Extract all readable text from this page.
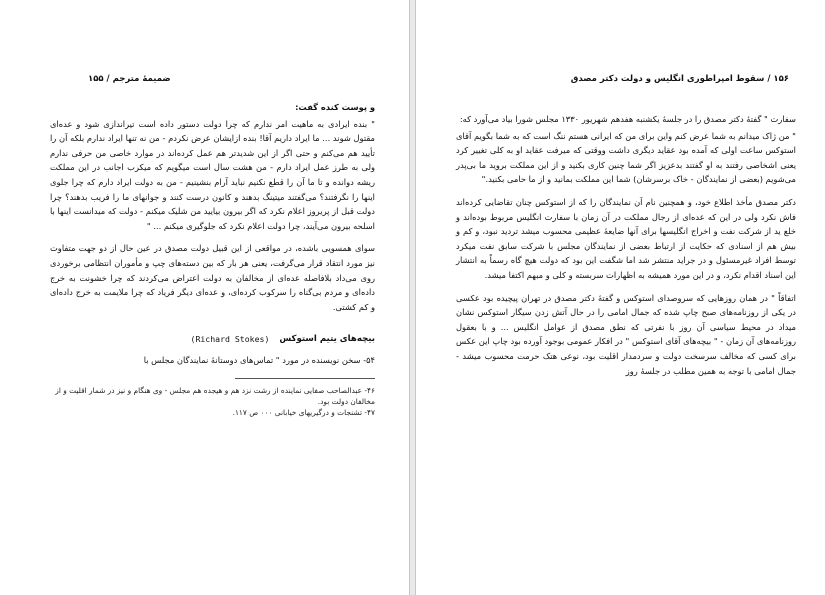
ضمیمهٔ مترجم / ۱۵۵
و پوست کنده گفت:
" بنده ایرادی به ماهیت امر ندارم که چرا دولت دستور داده است تیراندازی شود و عده‌ای مقتول شوند ... ما ایراد داریم آقا! بنده ازایشان عرض نکردم - من نه تنها ایراد ندارم بلکه آن را تأیید هم می‌کنم و حتی اگر از این شدیدتر هم عمل کرده‌اند در موارد خاصی من حرفی ندارم ولی به طرز عمل ایراد دارم - من هشت سال است میگویم که میکرب اجانب در این مملکت ریشه دوانده و تا ما آن را قطع نکنیم نباید آرام بنشینیم - من به دولت ایراد دارم که چرا جلوی اینها را نگرفتند؟ می‌گفتند میتینگ بدهند و کانون درست کنند و جوانهای ما را فریب بدهند؟ چرا دولت قبل از پریروز اعلام نکرد که اگر بیرون بیایید من شلیک میکنم - دولت که میدانست اینها با اسلحه بیرون می‌آیند، چرا دولت اعلام نکرد که جلوگیری میکنم ... "
سوای همسویی باشده، در مواقعی از این قبیل دولت مصدق در عین حال از دو جهت متفاوت نیز مورد انتقاد قرار می‌گرفت، یعنی هر بار که بین دسته‌های چپ و مأموران انتظامی برخوردی روی می‌داد بلافاصله عده‌ای از مخالفان به دولت اعتراض می‌کردند که چرا خشونت به خرج داده‌ای و مردم بی‌گناه را سرکوب کرده‌ای، و عده‌ای دیگر فریاد که چرا ملایمت به خرج داده‌ای و کم کشتی.
بیچه‌های یتیم استوکس
(Richard Stokes)
۵۴- سخن نویسنده در مورد " تماس‌های دوستانهٔ نمایندگان مجلس با
۴۶- عبدالصاحب صفایی نماینده از رشت نزد هم و هیجده هم مجلس - وی هنگام و نیز در شمار اقلیت و از مخالفان دولت بود.
۴۷- تشنجات و درگیریهای خیابانی ۰۰۰ ص ۱۱۷.
۱۵۶ / سقوط امپراطوری انگلیس و دولت دکتر مصدق
سفارت " گفتهٔ دکتر مصدق را در جلسهٔ یکشنبه هفدهم شهریور ۱۳۳۰ مجلس شورا بیاد می‌آورد که:
" من ژاک میدانم به شما عرض کنم واین برای من که ایرانی هستم ننگ است که به شما بگویم آقای استوکس ساعت اولی که آمده بود عقاید دیگری داشت ووقتی که میرفت عقاید او به کلی تغییر کرد یعنی اشخاصی رفتند به او گفتند بدعزیز اگر شما چنین کاری بکنید و از این مملکت بروید ما بی‌پدر می‌شویم (بعضی از نمایندگان - خاک برسرشان) شما این مملکت بمانید و از ما حامی بکنید."
دکتر مصدق مأخذ اطلاع خود، و همچنین نام آن نمایندگان را که از استوکس چنان تقاضایی کرده‌اند فاش نکرد ولی در این که عده‌ای از رجال مملکت در آن زمان با سفارت انگلیس مربوط بوده‌اند و خلع ید از شرکت نفت و اخراج انگلیسها برای آنها ضایعهٔ عظیمی محسوب میشد تردید نبود، و کم و بیش هم از اسنادی که حکایت از ارتباط بعضی از نمایندگان مجلس با شرکت سابق نفت میکرد توسط افراد غیرمسئول و در جراید منتشر شد اما شگفت این بود که دولت هیچ گاه رسماً به انتشار این اسناد اقدام نکرد، و در این مورد همیشه به اظهارات سربسته و کلی و مبهم اکتفا میشد.
اتفاقاً " در همان روزهایی که سروصدای استوکس و گفتهٔ دکتر مصدق در تهران پیچیده بود عکسی در یکی از روزنامه‌های صبح چاپ شده که جمال امامی را در حال آتش زدن سیگار استوکس نشان میداد در محیط سیاسی آن روز با نفرتی که نطق مصدق از عوامل انگلیس ... و با بعقول روزنامه‌های آن زمان - " بیچه‌های آقای استوکس " در افکار عمومی بوجود آورده بود چاپ این عکس برای کسی که مخالف سرسخت دولت و سردمدار اقلیت بود، نوعی هتک حرمت محسوب میشد - جمال امامی با توجه به همین مطلب در جلسهٔ روز
